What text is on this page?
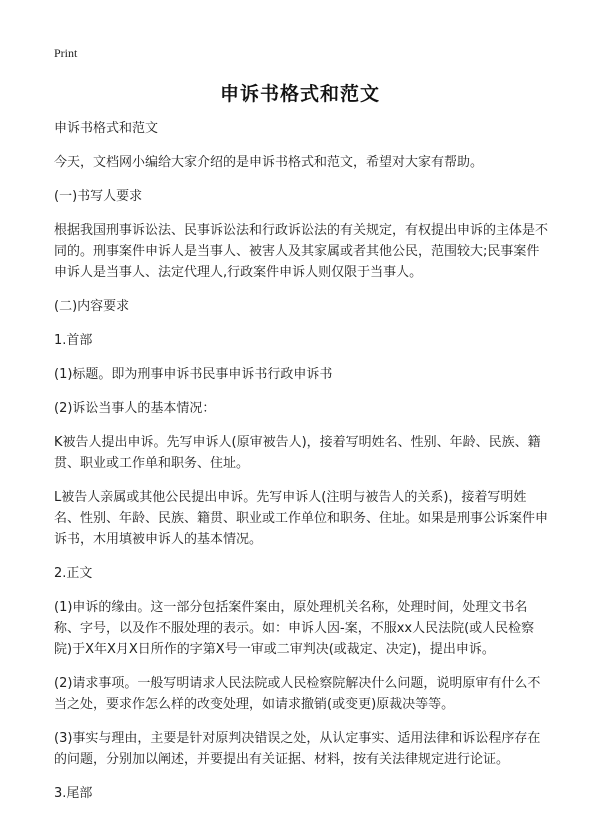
Print
申诉书格式和范文

申诉书格式和范文

今天，文档网小编给大家介绍的是申诉书格式和范文，希望对大家有帮助。

(一)书写人要求

根据我国刑事诉讼法、民事诉讼法和行政诉讼法的有关规定，有权提出申诉的主体是不同的。刑事案件申诉人是当事人、被害人及其家属或者其他公民，范围较大;民事案件申诉人是当事人、法定代理人,行政案件申诉人则仅限于当事人。

(二)内容要求

1.首部

(1)标题。即为刑事申诉书民事申诉书行政申诉书

(2)诉讼当事人的基本情况：

K被告人提出申诉。先写申诉人(原审被告人)，接着写明姓名、性别、年龄、民族、籍贯、职业或工作单和职务、住址。

L被告人亲属或其他公民提出申诉。先写申诉人(注明与被告人的关系)，接着写明姓名、性别、年龄、民族、籍贯、职业或工作单位和职务、住址。如果是刑事公诉案件申诉书，木用填被申诉人的基本情况。

2.正文

(1)申诉的缘由。这一部分包括案件案由，原处理机关名称，处理时间，处理文书名称、字号，以及作不服处理的表示。如：申诉人因-案，不服xx人民法院(或人民检察院)于X年X月X日所作的字第X号一审或二审判决(或裁定、决定)，提出申诉。

(2)请求事项。一般写明请求人民法院或人民检察院解决什么问题，说明原审有什么不当之处，要求作怎么样的改变处理，如请求撤销(或变更)原裁决等等。

(3)事实与理由，主要是针对原判决错误之处，从认定事实、适用法律和诉讼程序存在的问题，分别加以阐述，并要提出有关证据、材料，按有关法律规定进行论证。

3.尾部
